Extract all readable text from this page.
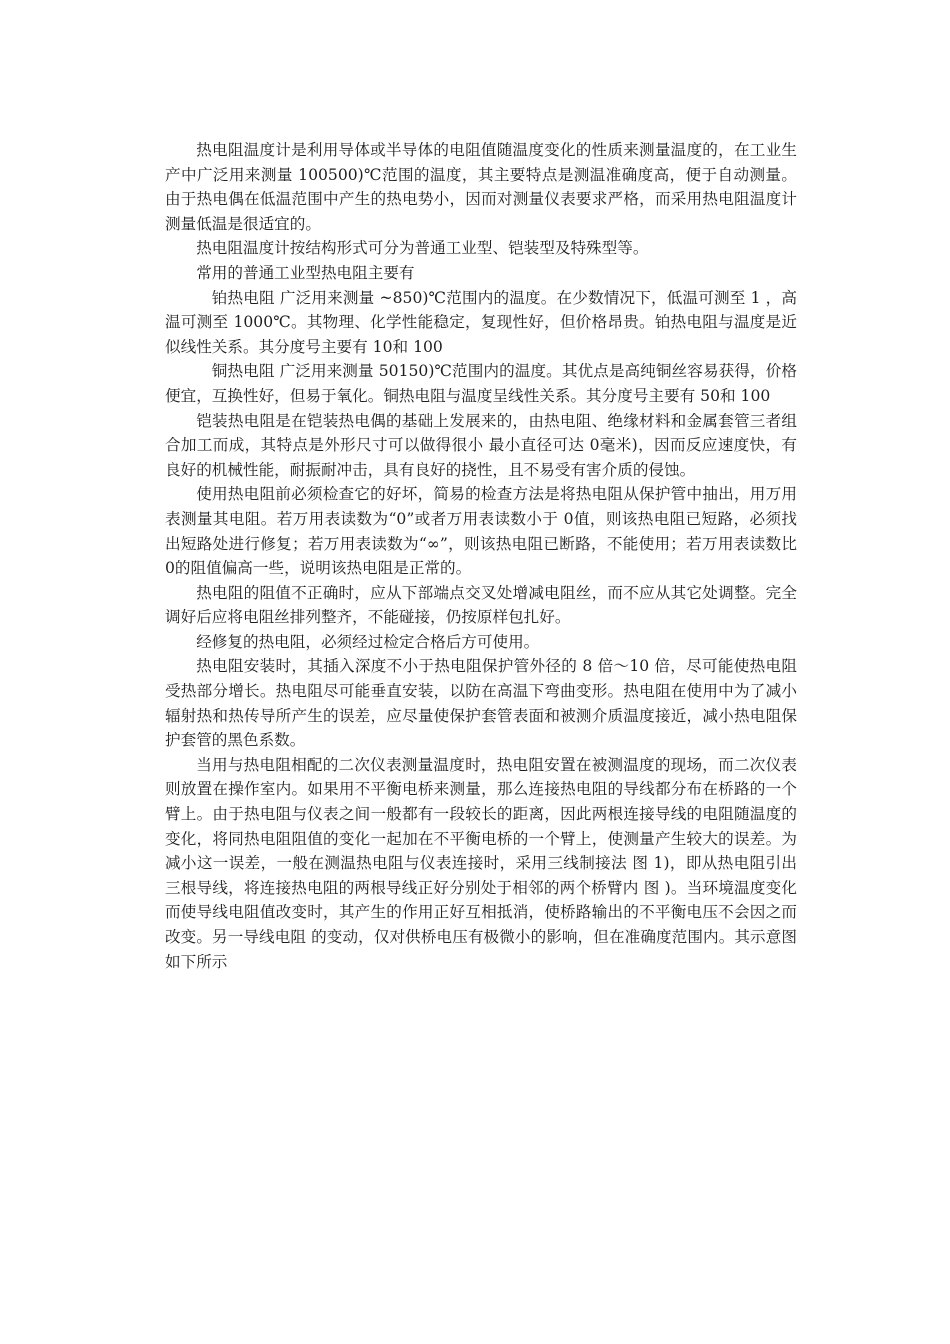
热电阻温度计是利用导体或半导体的电阻值随温度变化的性质来测量温度的，在工业生产中广泛用来测量 100500)℃范围的温度，其主要特点是测温准确度高，便于自动测量。由于热电偶在低温范围中产生的热电势小，因而对测量仪表要求严格，而采用热电阻温度计测量低温是很适宜的。

热电阻温度计按结构形式可分为普通工业型、铠装型及特殊型等。

常用的普通工业型热电阻主要有

铂热电阻 广泛用来测量 ~850)℃范围内的温度。在少数情况下，低温可测至 1 ，高温可测至 1000℃。其物理、化学性能稳定，复现性好，但价格昂贵。铂热电阻与温度是近似线性关系。其分度号主要有 10和 100

铜热电阻 广泛用来测量 50150)℃范围内的温度。其优点是高纯铜丝容易获得，价格便宜，互换性好，但易于氧化。铜热电阻与温度呈线性关系。其分度号主要有 50和 100

铠装热电阻是在铠装热电偶的基础上发展来的，由热电阻、绝缘材料和金属套管三者组合加工而成，其特点是外形尺寸可以做得很小 最小直径可达 0毫米)，因而反应速度快，有良好的机械性能，耐振耐冲击，具有良好的挠性，且不易受有害介质的侵蚀。

使用热电阻前必须检查它的好坏，简易的检查方法是将热电阻从保护管中抽出，用万用表测量其电阻。若万用表读数为“0”或者万用表读数小于 0值，则该热电阻已短路，必须找出短路处进行修复；若万用表读数为“∞”，则该热电阻已断路，不能使用；若万用表读数比 0的阻值偏高一些，说明该热电阻是正常的。

热电阻的阻值不正确时，应从下部端点交叉处增减电阻丝，而不应从其它处调整。完全调好后应将电阻丝排列整齐，不能碰接，仍按原样包扎好。

经修复的热电阻，必须经过检定合格后方可使用。

热电阻安装时，其插入深度不小于热电阻保护管外径的 8 倍～10 倍，尽可能使热电阻受热部分增长。热电阻尽可能垂直安装，以防在高温下弯曲变形。热电阻在使用中为了减小辐射热和热传导所产生的误差，应尽量使保护套管表面和被测介质温度接近，减小热电阻保护套管的黑色系数。

当用与热电阻相配的二次仪表测量温度时，热电阻安置在被测温度的现场，而二次仪表则放置在操作室内。如果用不平衡电桥来测量，那么连接热电阻的导线都分布在桥路的一个臂上。由于热电阻与仪表之间一般都有一段较长的距离，因此两根连接导线的电阻随温度的变化，将同热电阻阻值的变化一起加在不平衡电桥的一个臂上，使测量产生较大的误差。为减小这一误差，一般在测温热电阻与仪表连接时，采用三线制接法 图 1)，即从热电阻引出三根导线，将连接热电阻的两根导线正好分别处于相邻的两个桥臂内 图 )。当环境温度变化而使导线电阻值改变时，其产生的作用正好互相抵消，使桥路输出的不平衡电压不会因之而改变。另一导线电阻 的变动，仅对供桥电压有极微小的影响，但在准确度范围内。其示意图如下所示
